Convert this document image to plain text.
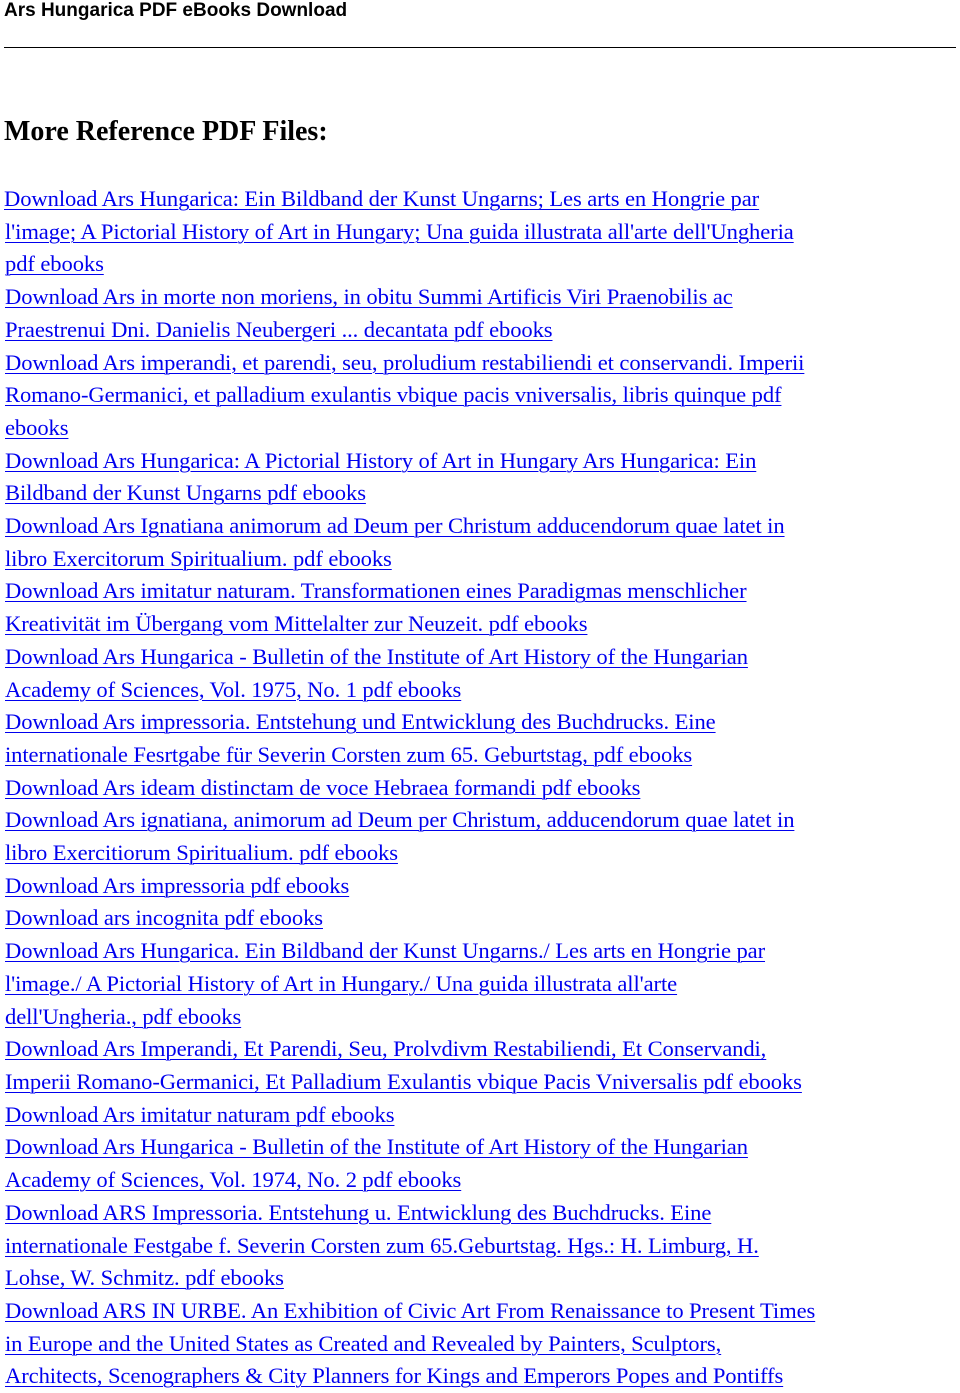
Ars Hungarica PDF eBooks Download
More Reference PDF Files:
Download Ars Hungarica: Ein Bildband der Kunst Ungarns; Les arts en Hongrie par
l'image; A Pictorial History of Art in Hungary; Una guida illustrata all'arte dell'Ungheria
pdf ebooks
Download Ars in morte non moriens, in obitu Summi Artificis Viri Praenobilis ac
Praestrenui Dni. Danielis Neubergeri ... decantata pdf ebooks
Download Ars imperandi, et parendi, seu, proludium restabiliendi et conservandi. Imperii
Romano-Germanici, et palladium exulantis vbique pacis vniversalis, libris quinque pdf
ebooks
Download Ars Hungarica: A Pictorial History of Art in Hungary Ars Hungarica: Ein
Bildband der Kunst Ungarns pdf ebooks
Download Ars Ignatiana animorum ad Deum per Christum adducendorum quae latet in
libro Exercitorum Spiritualium. pdf ebooks
Download Ars imitatur naturam. Transformationen eines Paradigmas menschlicher
Kreativität im Übergang vom Mittelalter zur Neuzeit. pdf ebooks
Download Ars Hungarica - Bulletin of the Institute of Art History of the Hungarian
Academy of Sciences, Vol. 1975, No. 1 pdf ebooks
Download Ars impressoria. Entstehung und Entwicklung des Buchdrucks. Eine
internationale Fesrtgabe für Severin Corsten zum 65. Geburtstag, pdf ebooks
Download Ars ideam distinctam de voce Hebraea formandi pdf ebooks
Download Ars ignatiana, animorum ad Deum per Christum, adducendorum quae latet in
libro Exercitiorum Spiritualium. pdf ebooks
Download Ars impressoria pdf ebooks
Download ars incognita pdf ebooks
Download Ars Hungarica. Ein Bildband der Kunst Ungarns./ Les arts en Hongrie par
l'image./ A Pictorial History of Art in Hungary./ Una guida illustrata all'arte
dell'Ungheria., pdf ebooks
Download Ars Imperandi, Et Parendi, Seu, Prolvdivm Restabiliendi, Et Conservandi,
Imperii Romano-Germanici, Et Palladium Exulantis vbique Pacis Vniversalis pdf ebooks
Download Ars imitatur naturam pdf ebooks
Download Ars Hungarica - Bulletin of the Institute of Art History of the Hungarian
Academy of Sciences, Vol. 1974, No. 2 pdf ebooks
Download ARS Impressoria. Entstehung u. Entwicklung des Buchdrucks. Eine
internationale Festgabe f. Severin Corsten zum 65.Geburtstag. Hgs.: H. Limburg, H.
Lohse, W. Schmitz. pdf ebooks
Download ARS IN URBE. An Exhibition of Civic Art From Renaissance to Present Times
in Europe and the United States as Created and Revealed by Painters, Sculptors,
Architects, Scenographers & City Planners for Kings and Emperors Popes and Pontiffs
